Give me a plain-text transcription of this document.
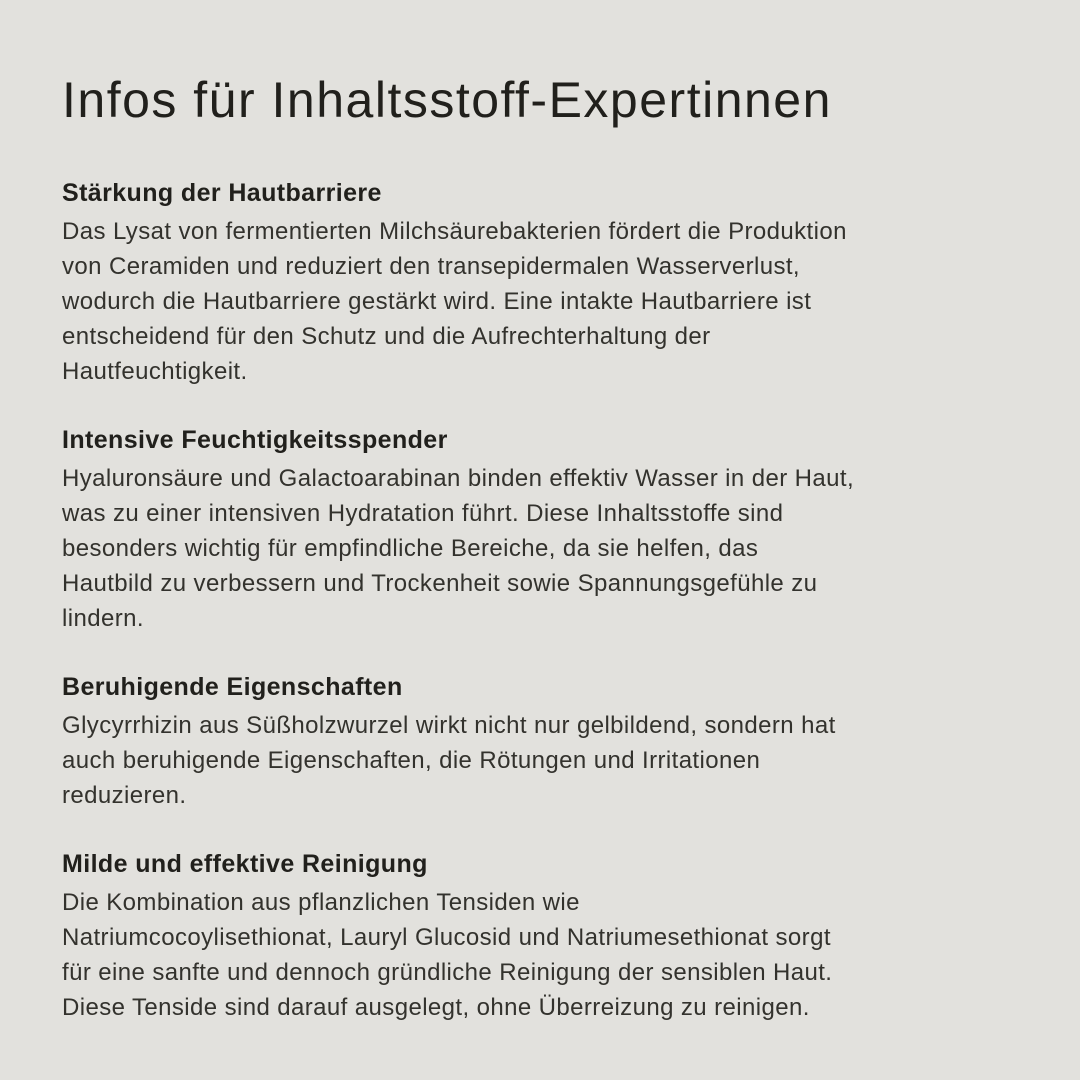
Infos für Inhaltsstoff-Expertinnen
Stärkung der Hautbarriere
Das Lysat von fermentierten Milchsäurebakterien fördert die Produktion
von Ceramiden und reduziert den transepidermalen Wasserverlust,
wodurch die Hautbarriere gestärkt wird. Eine intakte Hautbarriere ist
entscheidend für den Schutz und die Aufrechterhaltung der
Hautfeuchtigkeit.
Intensive Feuchtigkeitsspender
Hyaluronsäure und Galactoarabinan binden effektiv Wasser in der Haut,
was zu einer intensiven Hydratation führt. Diese Inhaltsstoffe sind
besonders wichtig für empfindliche Bereiche, da sie helfen, das
Hautbild zu verbessern und Trockenheit sowie Spannungsgefühle zu
lindern.
Beruhigende Eigenschaften
Glycyrrhizin aus Süßholzwurzel wirkt nicht nur gelbildend, sondern hat
auch beruhigende Eigenschaften, die Rötungen und Irritationen
reduzieren.
Milde und effektive Reinigung
Die Kombination aus pflanzlichen Tensiden wie
Natriumcocoylisethionat, Lauryl Glucosid und Natriumesethionat sorgt
für eine sanfte und dennoch gründliche Reinigung der sensiblen Haut.
Diese Tenside sind darauf ausgelegt, ohne Überreizung zu reinigen.
